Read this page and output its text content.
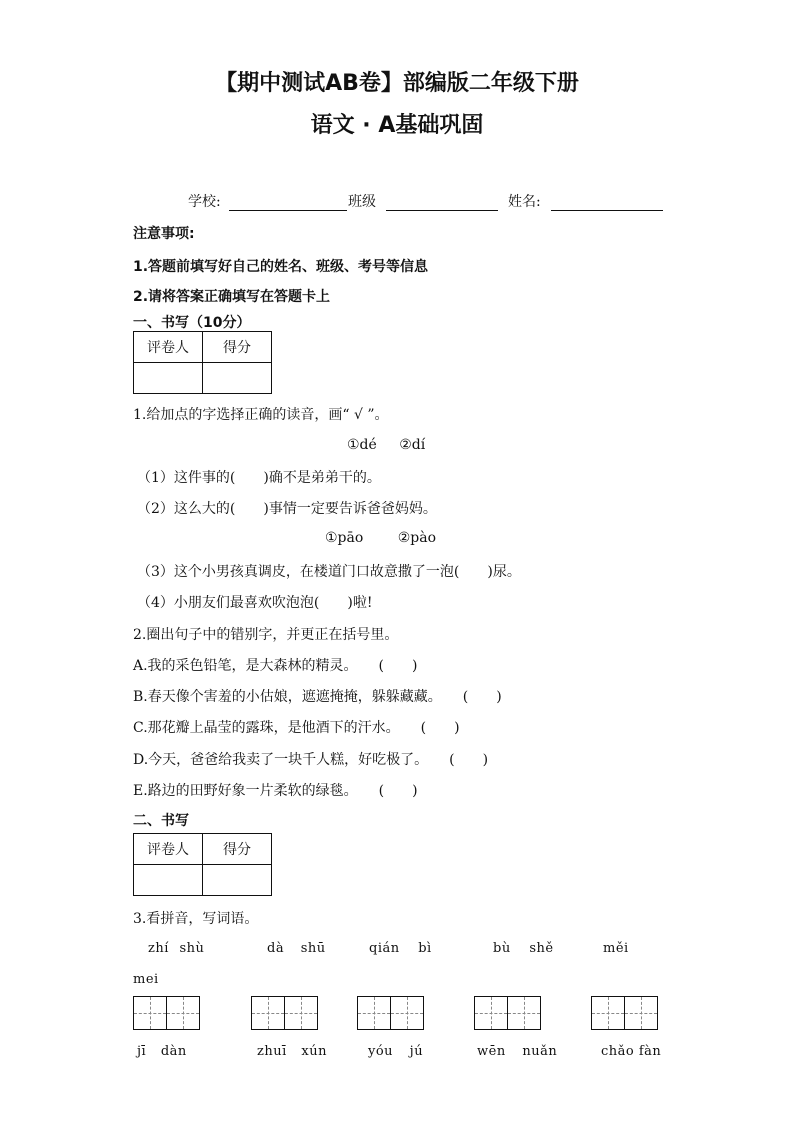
【期中测试AB卷】部编版二年级下册
语文 · A基础巩固
学校:	班级	姓名:
注意事项:
1.答题前填写好自己的姓名、班级、考号等信息
2.请将答案正确填写在答题卡上
一、书写（10分）
评卷人	得分

1.给加点的字选择正确的读音，画“ √ ”。
①dé ②dí
（1）这件事的(　　)确不是弟弟干的。
（2）这么大的(　　)事情一定要告诉爸爸妈妈。
①pāo ②pào
（3）这个小男孩真调皮，在楼道门口故意撒了一泡(　　)尿。
（4）小朋友们最喜欢吹泡泡(　　)啦!
2.圈出句子中的错别字，并更正在括号里。
A.我的采色铅笔，是大森林的精灵。　　(　　)
B.春天像个害羞的小估娘，遮遮掩掩，躲躲藏藏。　　(　　)
C.那花瓣上晶莹的露珠，是他酒下的汗水。　　(　　)
D.今天，爸爸给我卖了一块千人糕，好吃极了。　　(　　)
E.路边的田野好象一片柔软的绿毯。　　(　　)
二、书写
评卷人	得分

3.看拼音，写词语。
zhí shù	dà shū	qián bì	bù shě	měi
mei
jī dàn	zhuī xún	yóu jú	wēn nuǎn	chǎo fàn
